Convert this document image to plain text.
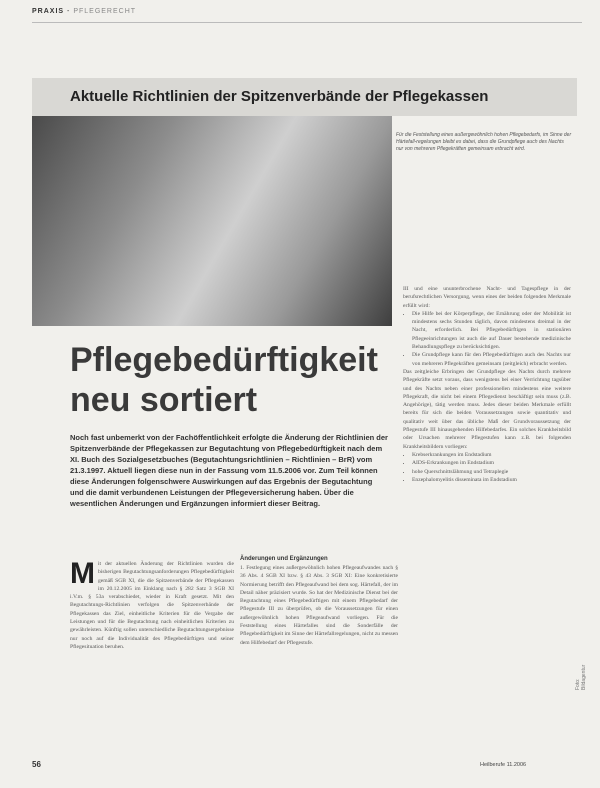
PRAXIS - PFLEGERECHT
Aktuelle Richtlinien der Spitzenverbände der Pflegekassen
Für die Feststellung eines außergewöhnlich hohen Pflegebedarfs, im Sinne der Härtefall-regelungen bleibt es dabei, dass die Grundpflege auch des Nachts nur von mehreren Pflegekräften gemeinsam erbracht wird.
Pflegebedürftigkeit
neu sortiert
Noch fast unbemerkt von der Fachöffentlichkeit erfolgte die Änderung der Richtlinien der Spitzenverbände der Pflegekassen zur Begutachtung von Pflegebedürftigkeit nach dem XI. Buch des Sozialgesetzbuches (Begutachtungsrichtlinien – Richtlinien – BrR) vom 21.3.1997. Aktuell liegen diese nun in der Fassung vom 11.5.2006 vor. Zum Teil können diese Änderungen folgenschwere Auswirkungen auf das Ergebnis der Begutachtung und die damit verbundenen Leistungen der Pflegeversicherung haben. Über die wesentlichen Änderungen und Ergänzungen informiert dieser Beitrag.
M it der aktuellen Änderung der Richtlinien wurden die bisherigen Begutachtungsanforderungen Pflegebedürftigkeit gemäß SGB XI, die die Spitzenverbände der Pflegekassen im 20.12.2005 im Einklang nach § 282 Satz 3 SGB XI i.V.m. § 53a verabschiedet, wieder in Kraft gesetzt. Mit den Begutachtungs-Richtlinien verfolgen die Spitzenverbände der Pflegekassen das Ziel, einheitliche Kriterien für die Vergabe der Leistungen und für die Begutachtung nach einheitlichen Kriterien zu gewährleisten. Künftig sollen unterschiedliche Begutachtungsergebnisse nur noch auf die Individualität des Pflegebedürftigen und seiner Pflegesituation beruhen.

Änderungen und Ergänzungen

1. Festlegung eines außergewöhnlich hohen Pflegeaufwandes nach § 36 Abs. 4 SGB XI bzw. § 43 Abs. 3 SGB XI: Eine konkretisierte Normierung betrifft den Pflegeaufwand bei dem sog. Härtefall, der im Detail näher präzisiert wurde. So hat der Medizinische Dienst bei der Begutachtung eines Pflegebedürftigen mit einem Pflegebedarf der Pflegestufe III zu überprüfen, ob die Voraussetzungen für einen außergewöhnlich hohen Pflegeaufwand vorliegen. Für die Feststellung eines Härtefalles sind die Sonderfälle der Pflegebedürftigkeit im Sinne der Härtefallregelungen, nicht zu messen dem Hilfebedarf der Pflegestufe.

III und eine ununterbrochene Nacht- und Tagespflege in der berufsrechtlichen Versorgung, wenn eines der beiden folgenden Merkmale erfüllt wird:

• Die Hilfe bei der Körperpflege, der Ernährung oder der Mobilität ist mindestens sechs Stunden täglich, davon mindestens dreimal in der Nacht, erforderlich. Bei Pflegebedürftigen in stationären Pflegeeinrichtungen ist auch die auf Dauer bestehende medizinische Behandlungspflege zu berücksichtigen.
• Die Grundpflege kann für den Pflegebedürftigen auch des Nachts nur von mehreren Pflegekräften gemeinsam (zeitgleich) erbracht werden.

Das zeitgleiche Erbringen der Grundpflege des Nachts durch mehrere Pflegekräfte setzt voraus, dass wenigstens bei einer Verrichtung tagsüber und des Nachts neben einer professionellen mindestens eine weitere Pflegekraft, die nicht bei einem Pflegedienst beschäftigt sein muss (z.B. Angehörige), tätig werden muss. Jedes dieser beiden Merkmale erfüllt bereits für sich die beiden Voraussetzungen sowie quantitativ und qualitativ weit über das übliche Maß der Grundvoraussetzung der Pflegestufe III hinausgehenden Hilfebedarfes. Ein solches Krankheitsbild oder Ursachen mehrerer Pflegestufen kann z.B. bei folgenden Krankheitsbildern vorliegen:

• Krebserkrankungen im Endstadium
• AIDS-Erkrankungen im Endstadium
• hohe Querschnittslähmung und Tetraplegie
• Enzephalomyelitis disseminata im Endstadium
56	Heilberufe 11.2006
Foto: Bildagentur
